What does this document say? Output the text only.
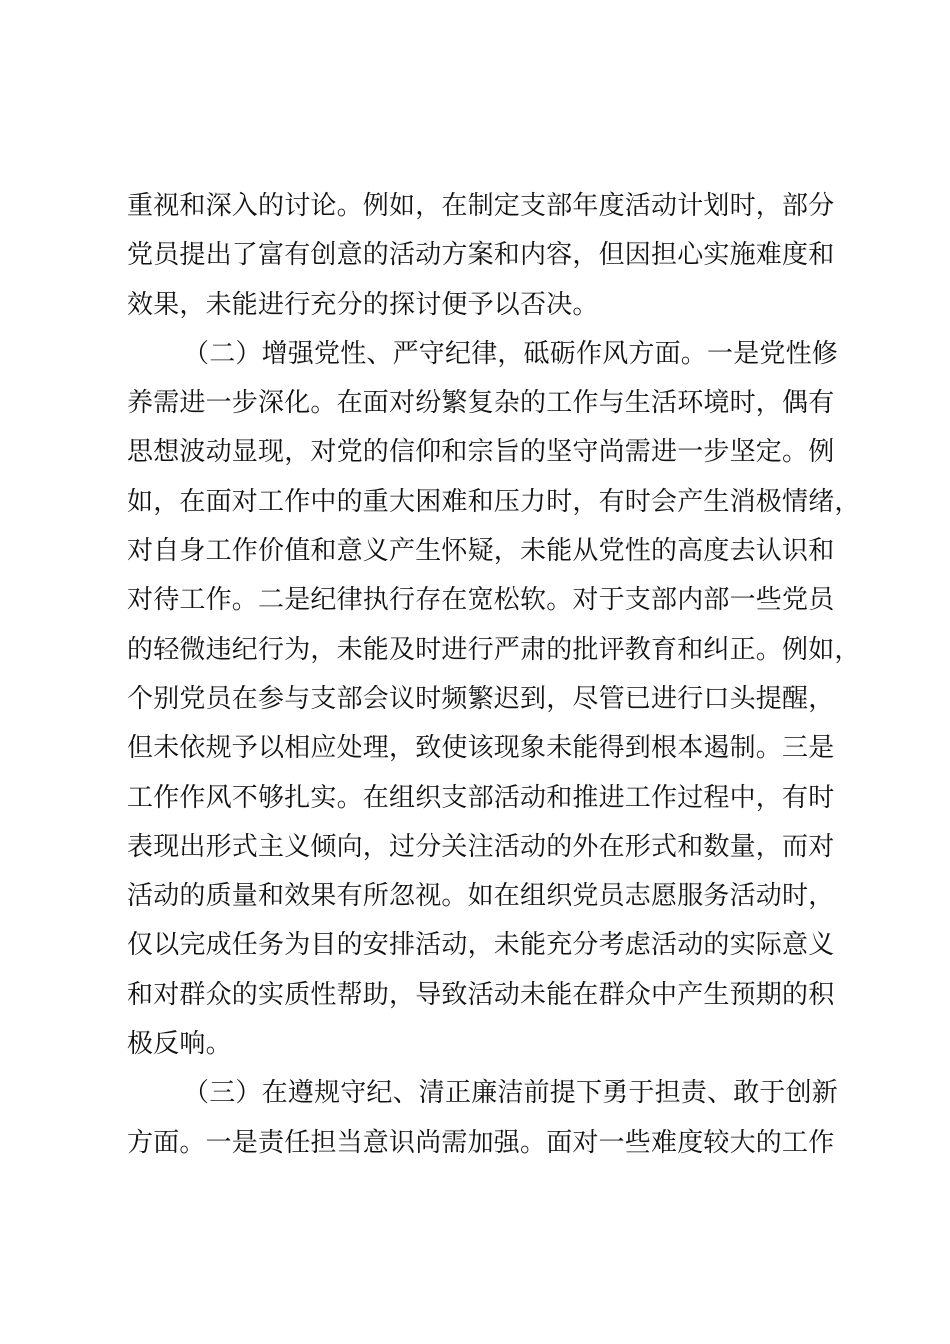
重视和深入的讨论。例如，在制定支部年度活动计划时，部分
党员提出了富有创意的活动方案和内容，但因担心实施难度和
效果，未能进行充分的探讨便予以否决。
（二）增强党性、严守纪律，砥砺作风方面。一是党性修
养需进一步深化。在面对纷繁复杂的工作与生活环境时，偶有
思想波动显现，对党的信仰和宗旨的坚守尚需进一步坚定。例
如，在面对工作中的重大困难和压力时，有时会产生消极情绪，
对自身工作价值和意义产生怀疑，未能从党性的高度去认识和
对待工作。二是纪律执行存在宽松软。对于支部内部一些党员
的轻微违纪行为，未能及时进行严肃的批评教育和纠正。例如，
个别党员在参与支部会议时频繁迟到，尽管已进行口头提醒，
但未依规予以相应处理，致使该现象未能得到根本遏制。三是
工作作风不够扎实。在组织支部活动和推进工作过程中，有时
表现出形式主义倾向，过分关注活动的外在形式和数量，而对
活动的质量和效果有所忽视。如在组织党员志愿服务活动时，
仅以完成任务为目的安排活动，未能充分考虑活动的实际意义
和对群众的实质性帮助，导致活动未能在群众中产生预期的积
极反响。
（三）在遵规守纪、清正廉洁前提下勇于担责、敢于创新
方面。一是责任担当意识尚需加强。面对一些难度较大的工作
